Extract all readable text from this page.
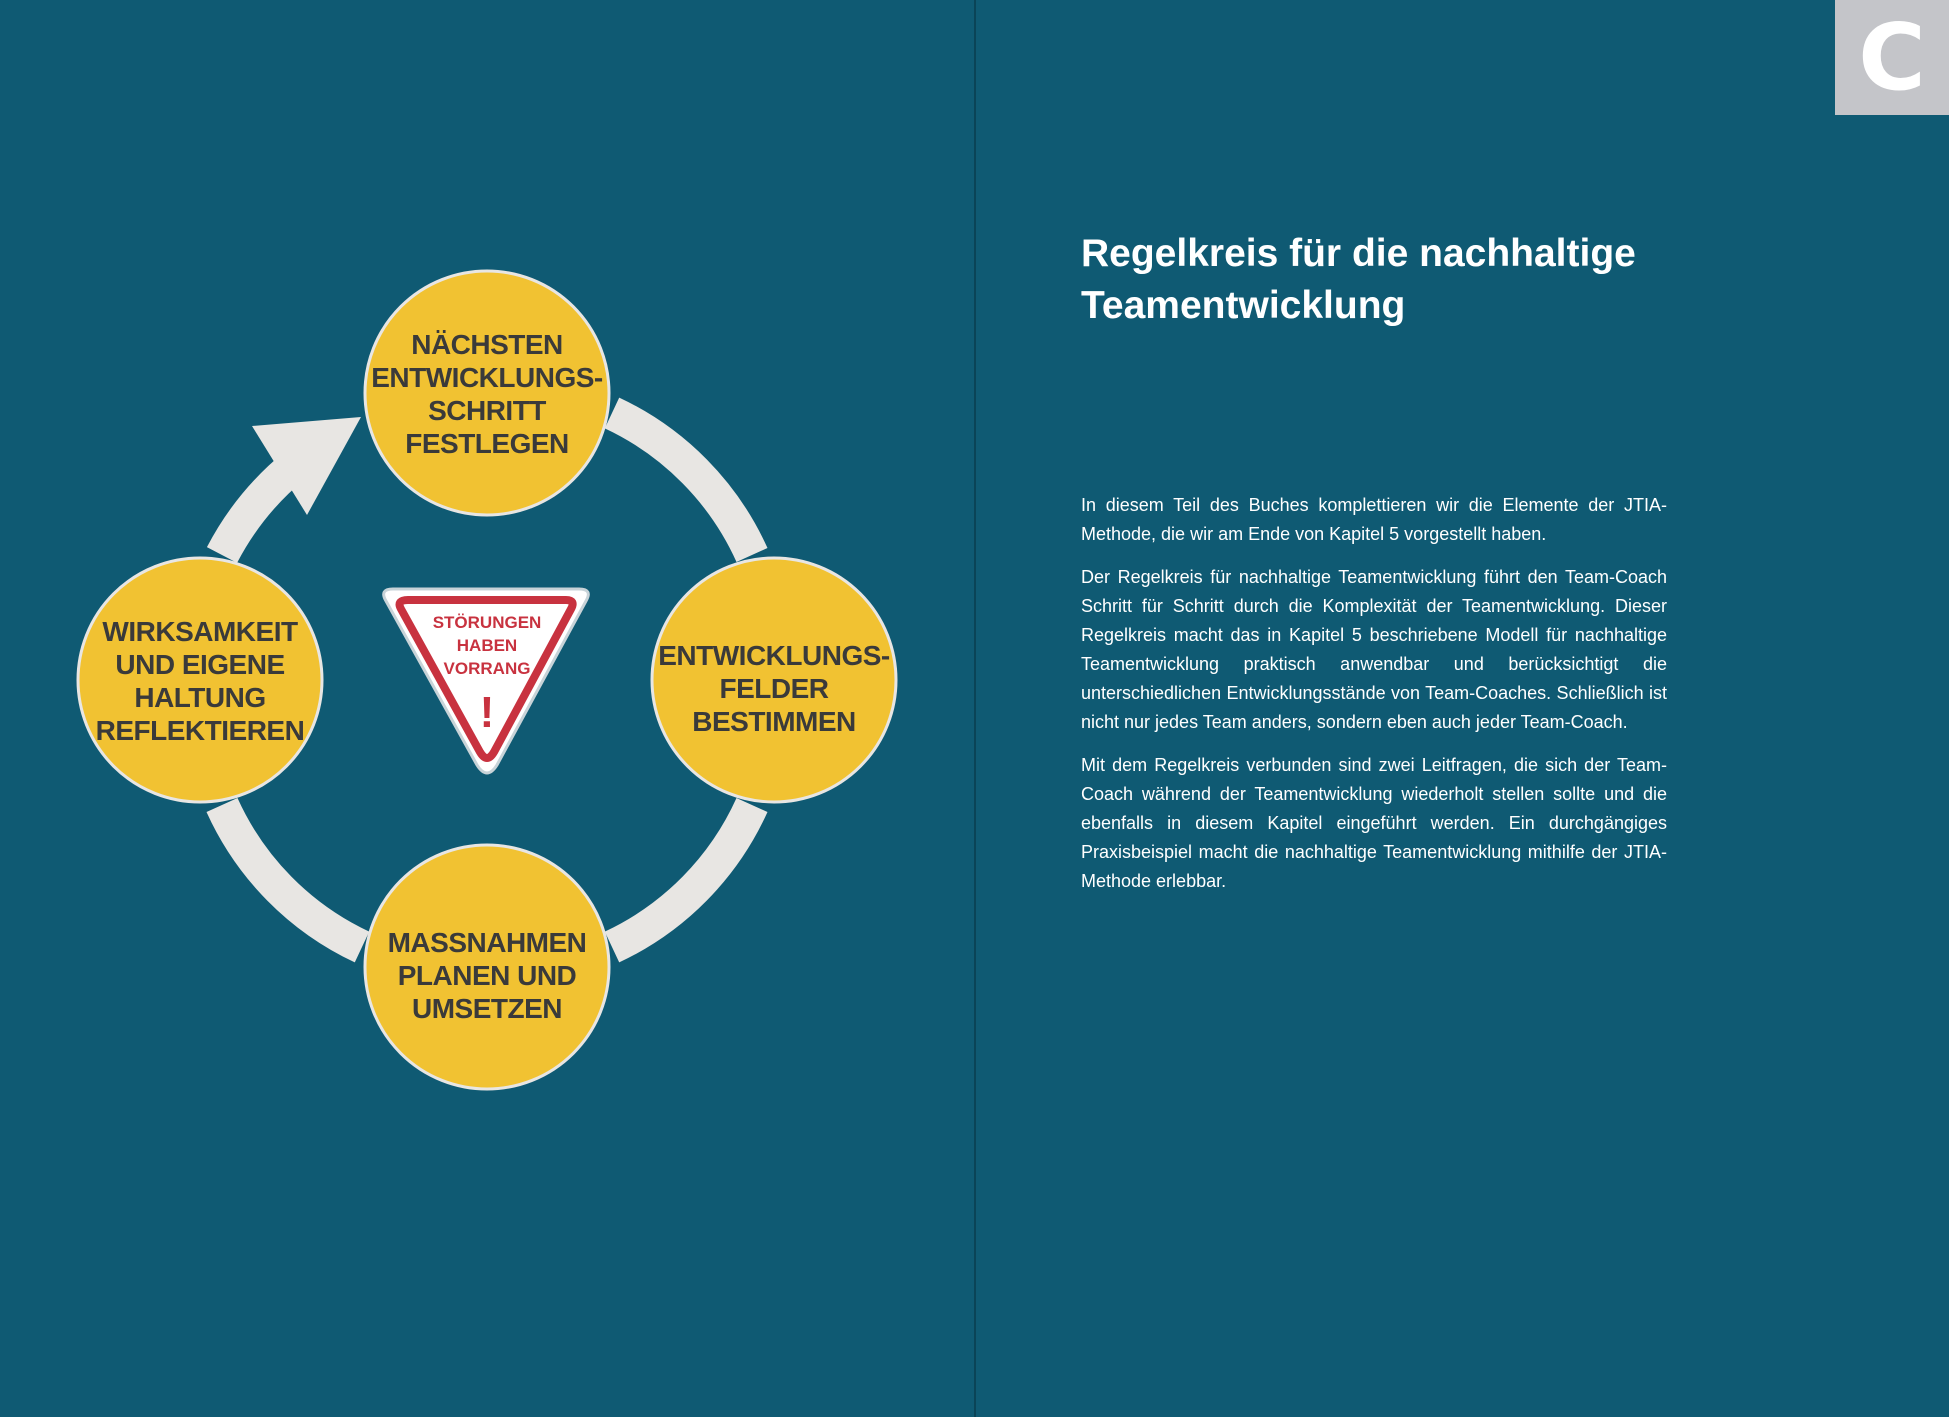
NÄCHSTEN
ENTWICKLUNGS-
SCHRITT
FESTLEGEN
ENTWICKLUNGS-
FELDER
BESTIMMEN
MASSNAHMEN
PLANEN UND
UMSETZEN
WIRKSAMKEIT
UND EIGENE
HALTUNG
REFLEKTIEREN
STÖRUNGEN
HABEN
VORRANG
!
C
Regelkreis für die nachhaltige
Teamentwicklung

In diesem Teil des Buches komplettieren wir die Elemente der JTIA-Methode, die wir am Ende von Kapitel 5 vorgestellt haben.

Der Regelkreis für nachhaltige Teamentwicklung führt den Team-Coach Schritt für Schritt durch die Komplexität der Teamentwicklung. Dieser Regelkreis macht das in Kapitel 5 beschriebene Modell für nachhaltige Teamentwicklung praktisch anwendbar und berücksichtigt die unterschiedlichen Entwicklungsstände von Team-Coaches. Schließlich ist nicht nur jedes Team anders, sondern eben auch jeder Team-Coach.

Mit dem Regelkreis verbunden sind zwei Leitfragen, die sich der Team-Coach während der Teamentwicklung wiederholt stellen sollte und die ebenfalls in diesem Kapitel eingeführt werden. Ein durchgängiges Praxisbeispiel macht die nachhaltige Teamentwicklung mithilfe der JTIA-Methode erlebbar.
